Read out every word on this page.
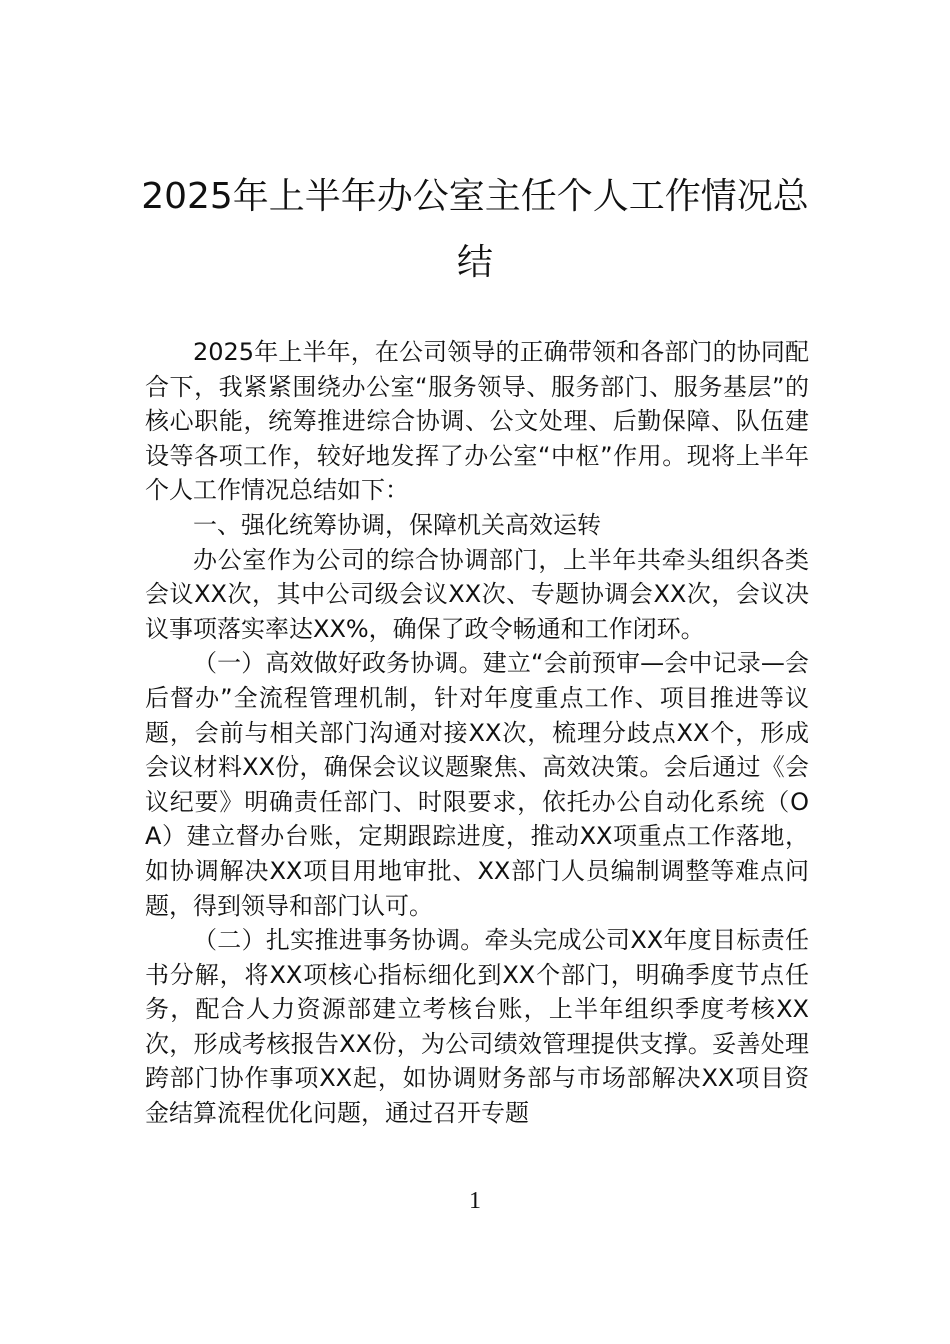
2025年上半年办公室主任个人工作情况总
结

2025年上半年，在公司领导的正确带领和各部门的协同配合下，我紧紧围绕办公室“服务领导、服务部门、服务基层”的核心职能，统筹推进综合协调、公文处理、后勤保障、队伍建设等各项工作，较好地发挥了办公室“中枢”作用。现将上半年个人工作情况总结如下：

一、强化统筹协调，保障机关高效运转

办公室作为公司的综合协调部门，上半年共牵头组织各类会议XX次，其中公司级会议XX次、专题协调会XX次，会议决议事项落实率达XX%，确保了政令畅通和工作闭环。

（一）高效做好政务协调。建立“会前预审—会中记录—会后督办”全流程管理机制，针对年度重点工作、项目推进等议题，会前与相关部门沟通对接XX次，梳理分歧点XX个，形成会议材料XX份，确保会议议题聚焦、高效决策。会后通过《会议纪要》明确责任部门、时限要求，依托办公自动化系统（OA）建立督办台账，定期跟踪进度，推动XX项重点工作落地，如协调解决XX项目用地审批、XX部门人员编制调整等难点问题，得到领导和部门认可。

（二）扎实推进事务协调。牵头完成公司XX年度目标责任书分解，将XX项核心指标细化到XX个部门，明确季度节点任务，配合人力资源部建立考核台账，上半年组织季度考核XX次，形成考核报告XX份，为公司绩效管理提供支撑。妥善处理跨部门协作事项XX起，如协调财务部与市场部解决XX项目资金结算流程优化问题，通过召开专题

1
